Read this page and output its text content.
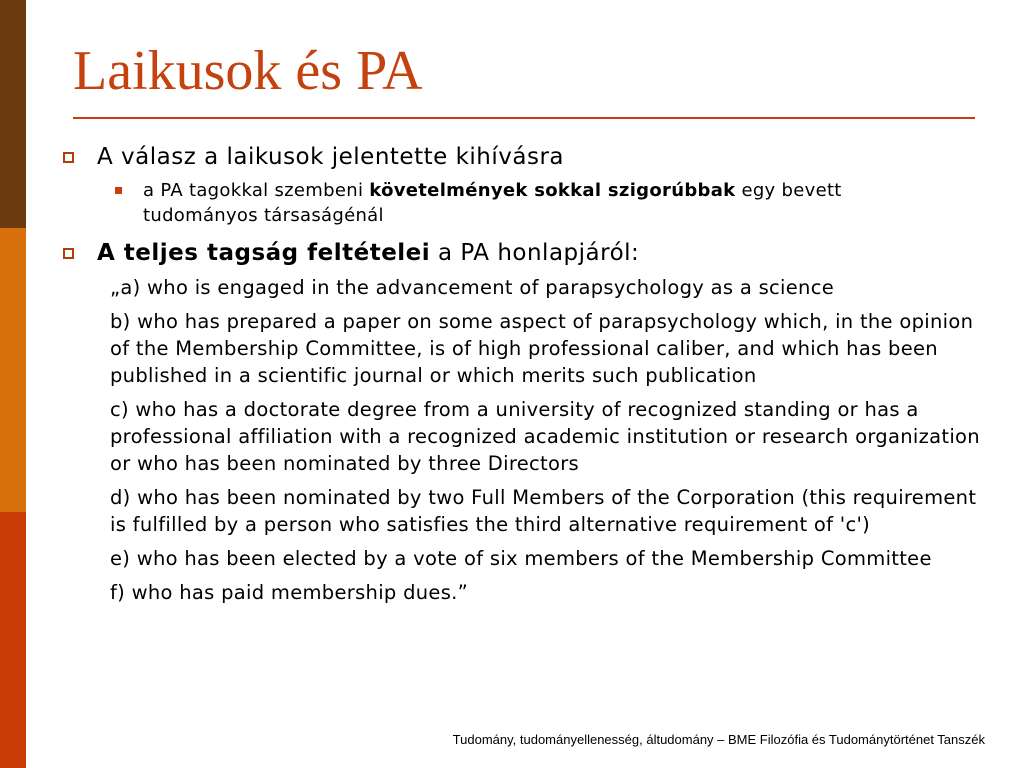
Laikusok és PA
A válasz a laikusok jelentette kihívásra
a PA tagokkal szembeni követelmények sokkal szigorúbbak egy bevett tudományos társaságénál
A teljes tagság feltételei a PA honlapjáról:
„a) who is engaged in the advancement of parapsychology as a science
b) who has prepared a paper on some aspect of parapsychology which, in the opinion of the Membership Committee, is of high professional caliber, and which has been published in a scientific journal or which merits such publication
c) who has a doctorate degree from a university of recognized standing or has a professional affiliation with a recognized academic institution or research organization or who has been nominated by three Directors
d) who has been nominated by two Full Members of the Corporation (this requirement is fulfilled by a person who satisfies the third alternative requirement of 'c')
e) who has been elected by a vote of six members of the Membership Committee
f) who has paid membership dues.”
Tudomány, tudományellenesség, áltudomány – BME Filozófia és Tudománytörténet Tanszék
